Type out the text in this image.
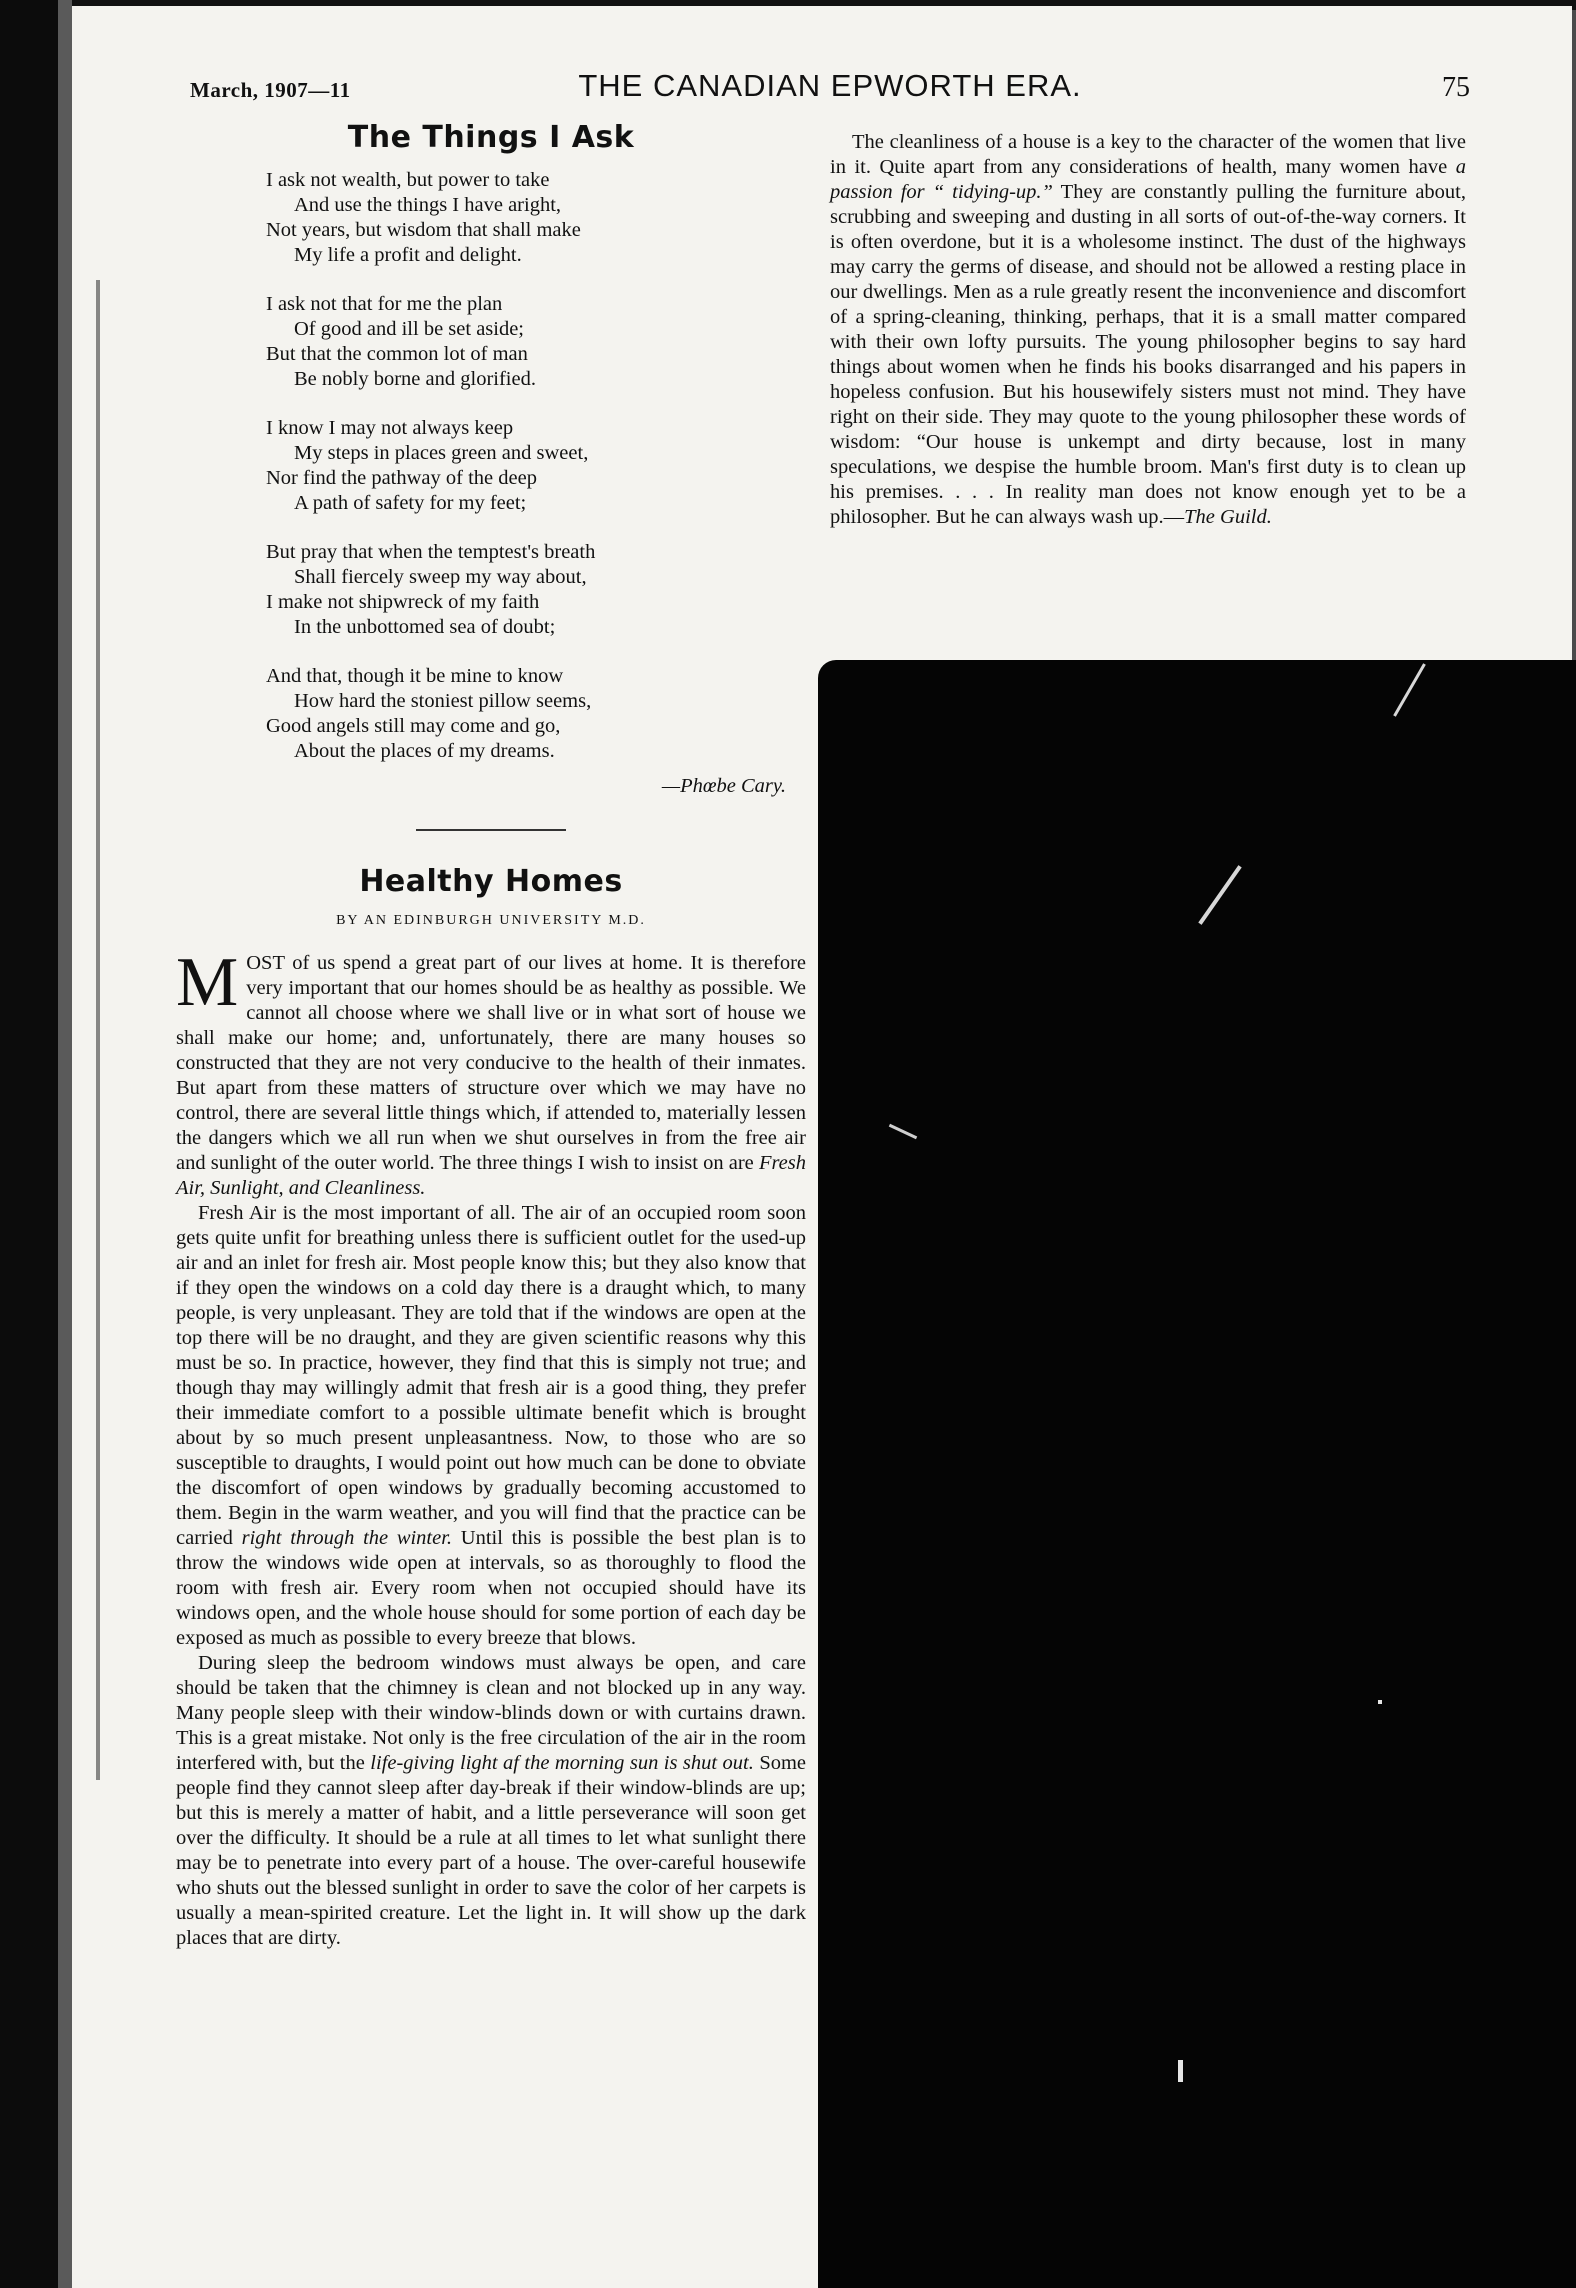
March, 1907—11	THE CANADIAN EPWORTH ERA.	75
The Things I Ask
I ask not wealth, but power to take
And use the things I have aright,
Not years, but wisdom that shall make
My life a profit and delight.
I ask not that for me the plan
Of good and ill be set aside;
But that the common lot of man
Be nobly borne and glorified.
I know I may not always keep
My steps in places green and sweet,
Nor find the pathway of the deep
A path of safety for my feet;
But pray that when the temptest's breath
Shall fiercely sweep my way about,
I make not shipwreck of my faith
In the unbottomed sea of doubt;
And that, though it be mine to know
How hard the stoniest pillow seems,
Good angels still may come and go,
About the places of my dreams.
—Phœbe Cary.
Healthy Homes
BY AN EDINBURGH UNIVERSITY M.D.

MOST of us spend a great part of our lives at home. It is therefore very important that our homes should be as healthy as possible. We cannot all choose where we shall live or in what sort of house we shall make our home; and, unfortunately, there are many houses so constructed that they are not very conducive to the health of their inmates. But apart from these matters of structure over which we may have no control, there are several little things which, if attended to, materially lessen the dangers which we all run when we shut ourselves in from the free air and sunlight of the outer world. The three things I wish to insist on are Fresh Air, Sunlight, and Cleanliness.

Fresh Air is the most important of all. The air of an occupied room soon gets quite unfit for breathing unless there is sufficient outlet for the used-up air and an inlet for fresh air. Most people know this; but they also know that if they open the windows on a cold day there is a draught which, to many people, is very unpleasant. They are told that if the windows are open at the top there will be no draught, and they are given scientific reasons why this must be so. In practice, however, they find that this is simply not true; and though thay may willingly admit that fresh air is a good thing, they prefer their immediate comfort to a possible ultimate benefit which is brought about by so much present unpleasantness. Now, to those who are so susceptible to draughts, I would point out how much can be done to obviate the discomfort of open windows by gradually becoming accustomed to them. Begin in the warm weather, and you will find that the practice can be carried right through the winter. Until this is possible the best plan is to throw the windows wide open at intervals, so as thoroughly to flood the room with fresh air. Every room when not occupied should have its windows open, and the whole house should for some portion of each day be exposed as much as possible to every breeze that blows.

During sleep the bedroom windows must always be open, and care should be taken that the chimney is clean and not blocked up in any way. Many people sleep with their window-blinds down or with curtains drawn. This is a great mistake. Not only is the free circulation of the air in the room interfered with, but the life-giving light af the morning sun is shut out. Some people find they cannot sleep after day-break if their window-blinds are up; but this is merely a matter of habit, and a little perseverance will soon get over the difficulty. It should be a rule at all times to let what sunlight there may be to penetrate into every part of a house. The over-careful housewife who shuts out the blessed sunlight in order to save the color of her carpets is usually a mean-spirited creature. Let the light in. It will show up the dark places that are dirty.

The cleanliness of a house is a key to the character of the women that live in it. Quite apart from any considerations of health, many women have a passion for “ tidying-up.” They are constantly pulling the furniture about, scrubbing and sweeping and dusting in all sorts of out-of-the-way corners. It is often overdone, but it is a wholesome instinct. The dust of the highways may carry the germs of disease, and should not be allowed a resting place in our dwellings. Men as a rule greatly resent the inconvenience and discomfort of a spring-cleaning, thinking, perhaps, that it is a small matter compared with their own lofty pursuits. The young philosopher begins to say hard things about women when he finds his books disarranged and his papers in hopeless confusion. But his housewifely sisters must not mind. They have right on their side. They may quote to the young philosopher these words of wisdom: “Our house is unkempt and dirty because, lost in many speculations, we despise the humble broom. Man's first duty is to clean up his premises. . . . In reality man does not know enough yet to be a philosopher. But he can always wash up.—The Guild.
